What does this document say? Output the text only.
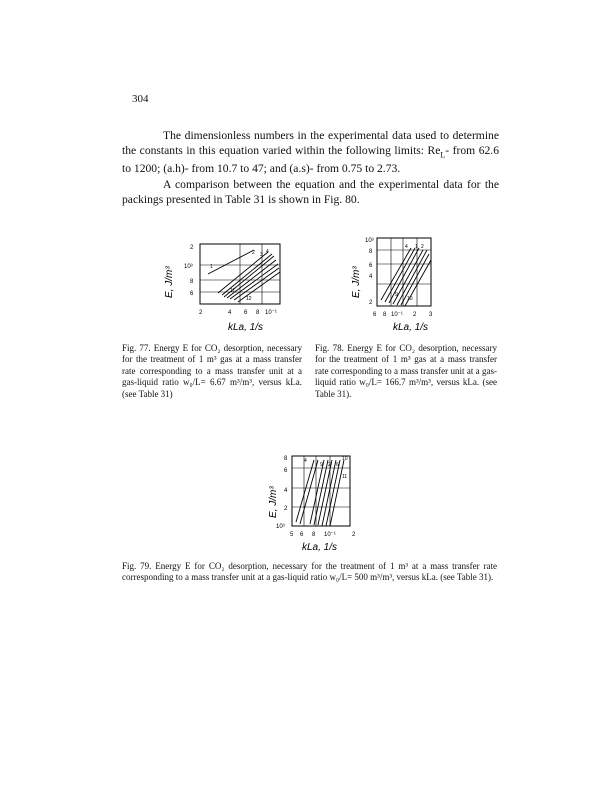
304
The dimensionless numbers in the experimental data used to determine the constants in this equation varied within the following limits: $Re_L-$ from 62.6 to 1200; (a.h)- from 10.7 to 47; and (a.s)- from 0.75 to 2.73.
A comparison between the equation and the experimental data for the packings presented in Table 31 is shown in Fig. 80.
2
10³
8
6
2	4 6 8 10⁻¹
1
2 3 4
11
12
kLa, 1/s
E, J/m³
10³
8
6
4
2
6 8 10⁻¹ 2 3
4 1 2
9
10
kLa, 1/s
E, J/m³
8
6
4
2
10³
5 6 8 10⁻¹	2
4
9 2 6
10
11
kLa, 1/s
E, J/m³
Fig. 77. Energy E for CO₂ desorption, necessary for the treatment of 1 m³ gas at a mass transfer rate corresponding to a mass transfer unit at a gas-liquid ratio w₀/L= 6.67 m³/m³, versus kLa. (see Table 31)
Fig. 78. Energy E for CO₂ desorption, necessary for the treatment of 1 m³ gas at a mass transfer rate corresponding to a mass transfer unit at a gas-liquid ratio w₀/L= 166.7 m³/m³, versus kLa. (see Table 31).
Fig. 79. Energy E for CO₂ desorption, necessary for the treatment of 1 m³ at a mass transfer rate corresponding to a mass transfer unit at a gas-liquid ratio w₀/L= 500 m³/m³, versus kLa. (see Table 31).
